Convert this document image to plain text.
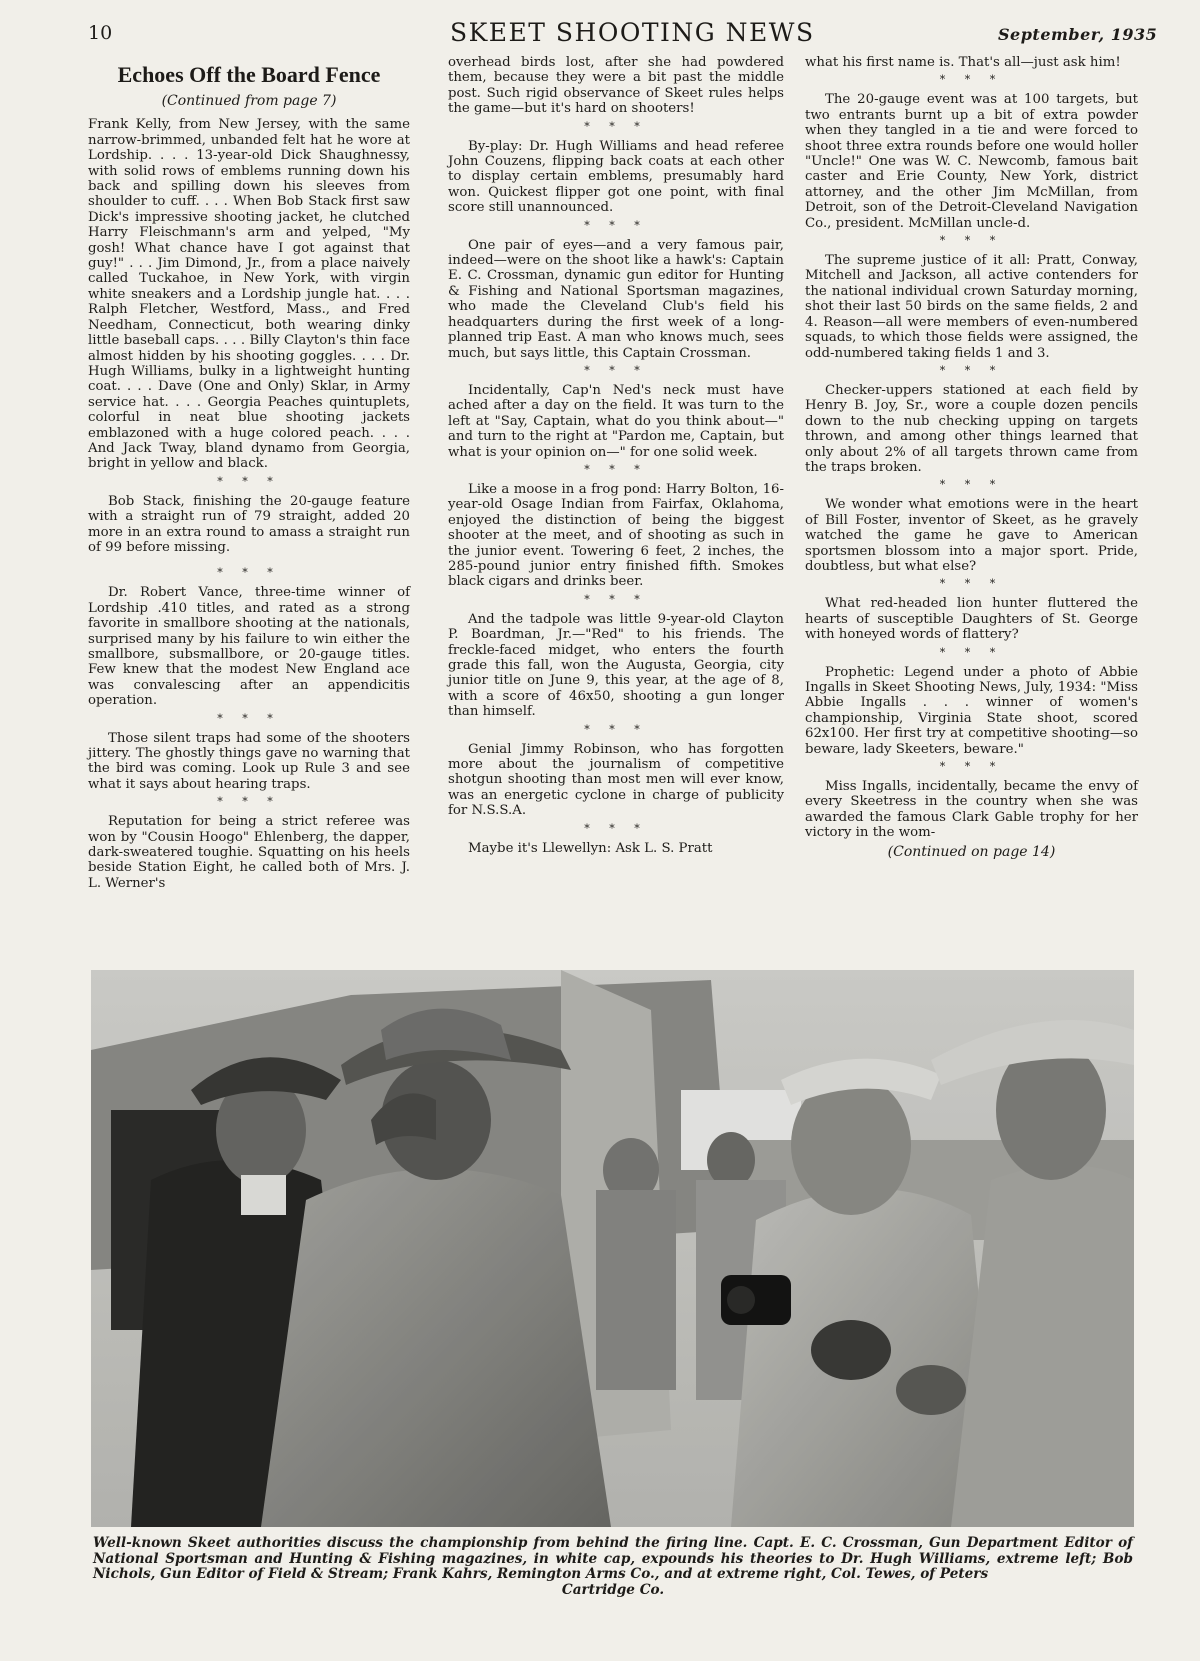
10	SKEET SHOOTING NEWS	September, 1935
Echoes Off the Board Fence
(Continued from page 7)

Frank Kelly, from New Jersey, with the same narrow-brimmed, unbanded felt hat he wore at Lordship. . . . 13-year-old Dick Shaughnessy, with solid rows of emblems running down his back and spilling down his sleeves from shoulder to cuff. . . . When Bob Stack first saw Dick's impressive shooting jacket, he clutched Harry Fleischmann's arm and yelped, "My gosh! What chance have I got against that guy!" . . . Jim Dimond, Jr., from a place naively called Tuckahoe, in New York, with virgin white sneakers and a Lordship jungle hat. . . . Ralph Fletcher, Westford, Mass., and Fred Needham, Connecticut, both wearing dinky little baseball caps. . . . Billy Clayton's thin face almost hidden by his shooting goggles. . . . Dr. Hugh Williams, bulky in a lightweight hunting coat. . . . Dave (One and Only) Sklar, in Army service hat. . . . Georgia Peaches quintuplets, colorful in neat blue shooting jackets emblazoned with a huge colored peach. . . . And Jack Tway, bland dynamo from Georgia, bright in yellow and black.

* * *

Bob Stack, finishing the 20-gauge feature with a straight run of 79 straight, added 20 more in an extra round to amass a straight run of 99 before missing.

* * *

Dr. Robert Vance, three-time winner of Lordship .410 titles, and rated as a strong favorite in smallbore shooting at the nationals, surprised many by his failure to win either the smallbore, subsmallbore, or 20-gauge titles. Few knew that the modest New England ace was convalescing after an appendicitis operation.

* * *

Those silent traps had some of the shooters jittery. The ghostly things gave no warning that the bird was coming. Look up Rule 3 and see what it says about hearing traps.

* * *

Reputation for being a strict referee was won by "Cousin Hoogo" Ehlenberg, the dapper, dark-sweatered toughie. Squatting on his heels beside Station Eight, he called both of Mrs. J. L. Werner's

overhead birds lost, after she had powdered them, because they were a bit past the middle post. Such rigid observance of Skeet rules helps the game—but it's hard on shooters!

* * *

By-play: Dr. Hugh Williams and head referee John Couzens, flipping back coats at each other to display certain emblems, presumably hard won. Quickest flipper got one point, with final score still unannounced.

* * *

One pair of eyes—and a very famous pair, indeed—were on the shoot like a hawk's: Captain E. C. Crossman, dynamic gun editor for Hunting & Fishing and National Sportsman magazines, who made the Cleveland Club's field his headquarters during the first week of a long-planned trip East. A man who knows much, sees much, but says little, this Captain Crossman.

* * *

Incidentally, Cap'n Ned's neck must have ached after a day on the field. It was turn to the left at "Say, Captain, what do you think about—" and turn to the right at "Pardon me, Captain, but what is your opinion on—" for one solid week.

* * *

Like a moose in a frog pond: Harry Bolton, 16-year-old Osage Indian from Fairfax, Oklahoma, enjoyed the distinction of being the biggest shooter at the meet, and of shooting as such in the junior event. Towering 6 feet, 2 inches, the 285-pound junior entry finished fifth. Smokes black cigars and drinks beer.

* * *

And the tadpole was little 9-year-old Clayton P. Boardman, Jr.—"Red" to his friends. The freckle-faced midget, who enters the fourth grade this fall, won the Augusta, Georgia, city junior title on June 9, this year, at the age of 8, with a score of 46x50, shooting a gun longer than himself.

* * *

Genial Jimmy Robinson, who has forgotten more about the journalism of competitive shotgun shooting than most men will ever know, was an energetic cyclone in charge of publicity for N.S.S.A.

* * *

Maybe it's Llewellyn: Ask L. S. Pratt

what his first name is. That's all—just ask him!

* * *

The 20-gauge event was at 100 targets, but two entrants burnt up a bit of extra powder when they tangled in a tie and were forced to shoot three extra rounds before one would holler "Uncle!" One was W. C. Newcomb, famous bait caster and Erie County, New York, district attorney, and the other Jim McMillan, from Detroit, son of the Detroit-Cleveland Navigation Co., president. McMillan uncle-d.

* * *

The supreme justice of it all: Pratt, Conway, Mitchell and Jackson, all active contenders for the national individual crown Saturday morning, shot their last 50 birds on the same fields, 2 and 4. Reason—all were members of even-numbered squads, to which those fields were assigned, the odd-numbered taking fields 1 and 3.

* * *

Checker-uppers stationed at each field by Henry B. Joy, Sr., wore a couple dozen pencils down to the nub checking upping on targets thrown, and among other things learned that only about 2% of all targets thrown came from the traps broken.

* * *

We wonder what emotions were in the heart of Bill Foster, inventor of Skeet, as he gravely watched the game he gave to American sportsmen blossom into a major sport. Pride, doubtless, but what else?

* * *

What red-headed lion hunter fluttered the hearts of susceptible Daughters of St. George with honeyed words of flattery?

* * *

Prophetic: Legend under a photo of Abbie Ingalls in Skeet Shooting News, July, 1934: "Miss Abbie Ingalls . . . winner of women's championship, Virginia State shoot, scored 62x100. Her first try at competitive shooting—so beware, lady Skeeters, beware."

* * *

Miss Ingalls, incidentally, became the envy of every Skeetress in the country when she was awarded the famous Clark Gable trophy for her victory in the wom-

(Continued on page 14)
Well-known Skeet authorities discuss the championship from behind the firing line. Capt. E. C. Crossman, Gun Department Editor of National Sportsman and Hunting & Fishing magazines, in white cap, expounds his theories to Dr. Hugh Williams, extreme left; Bob Nichols, Gun Editor of Field & Stream; Frank Kahrs, Remington Arms Co., and at extreme right, Col. Tewes, of Peters
Cartridge Co.
